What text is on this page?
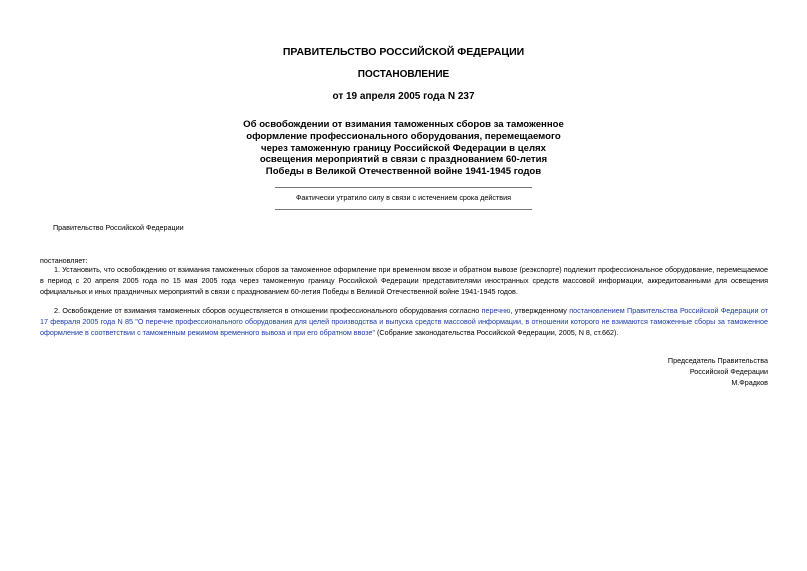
ПРАВИТЕЛЬСТВО РОССИЙСКОЙ ФЕДЕРАЦИИ
ПОСТАНОВЛЕНИЕ
от 19 апреля 2005 года N 237
Об освобождении от взимания таможенных сборов за таможенное
оформление профессионального оборудования, перемещаемого
через таможенную границу Российской Федерации в целях
освещения мероприятий в связи с празднованием 60-летия
Победы в Великой Отечественной войне 1941-1945 годов
Фактически утратило силу в связи с истечением срока действия
Правительство Российской Федерации
постановляет:
1. Установить, что освобождению от взимания таможенных сборов за таможенное оформление при временном ввозе и обратном вывозе (реэкспорте) подлежит профессиональное оборудование, перемещаемое в период с 20 апреля 2005 года по 15 мая 2005 года через таможенную границу Российской Федерации представителями иностранных средств массовой информации, аккредитованными для освещения официальных и иных праздничных мероприятий в связи с празднованием 60-летия Победы в Великой Отечественной войне 1941-1945 годов.
2. Освобождение от взимания таможенных сборов осуществляется в отношении профессионального оборудования согласно перечню, утвержденному постановлением Правительства Российской Федерации от 17 февраля 2005 года N 85 "О перечне профессионального оборудования для целей производства и выпуска средств массовой информации, в отношении которого не взимаются таможенные сборы за таможенное оформление в соответствии с таможенным режимом временного вывоза и при его обратном ввозе" (Собрание законодательства Российской Федерации, 2005, N 8, ст.662).
Председатель Правительства
Российской Федерации
М.Фрадков
